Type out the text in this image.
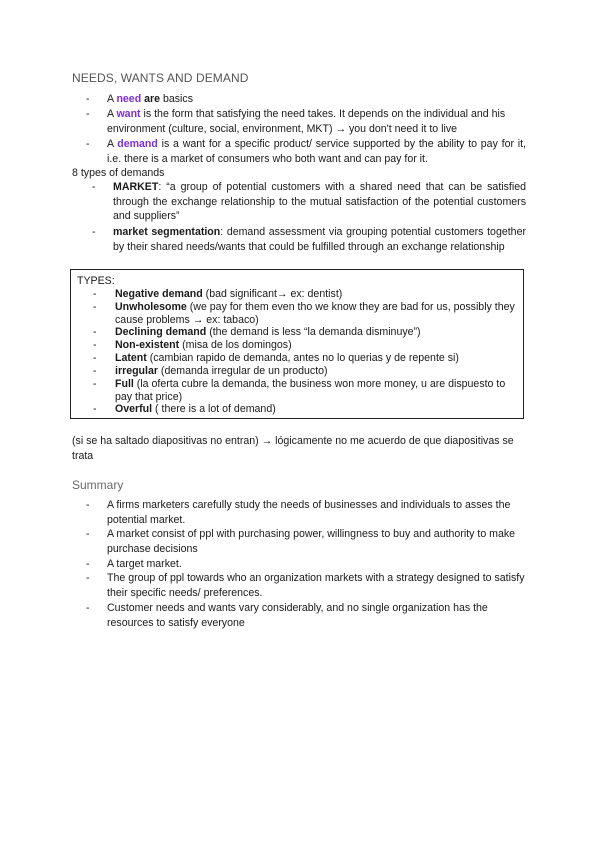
NEEDS, WANTS AND DEMAND
-	A need are basics
-	A want is the form that satisfying the need takes. It depends on the individual and his environment (culture, social, environment, MKT) → you don't need it to live
-	A demand is a want for a specific product/ service supported by the ability to pay for it, i.e. there is a market of consumers who both want and can pay for it.
8 types of demands
-	MARKET: “a group of potential customers with a shared need that can be satisfied through the exchange relationship to the mutual satisfaction of the potential customers and suppliers”
-	market segmentation: demand assessment via grouping potential customers together by their shared needs/wants that could be fulfilled through an exchange relationship
TYPES:
- Negative demand (bad significant→ ex: dentist)
- Unwholesome (we pay for them even tho we know they are bad for us, possibly they cause problems → ex: tabaco)
- Declining demand (the demand is less “la demanda disminuye”)
- Non-existent (misa de los domingos)
- Latent (cambian rapido de demanda, antes no lo querias y de repente si)
- irregular (demanda irregular de un producto)
- Full (la oferta cubre la demanda, the business won more money, u are dispuesto to pay that price)
- Overful ( there is a lot of demand)
(si se ha saltado diapositivas no entran) → lógicamente no me acuerdo de que diapositivas se trata
Summary
-	A firms marketers carefully study the needs of businesses and individuals to asses the potential market.
-	A market consist of ppl with purchasing power, willingness to buy and authority to make purchase decisions
-	A target market.
-	The group of ppl towards who an organization markets with a strategy designed to satisfy their specific needs/ preferences.
-	Customer needs and wants vary considerably, and no single organization has the resources to satisfy everyone
